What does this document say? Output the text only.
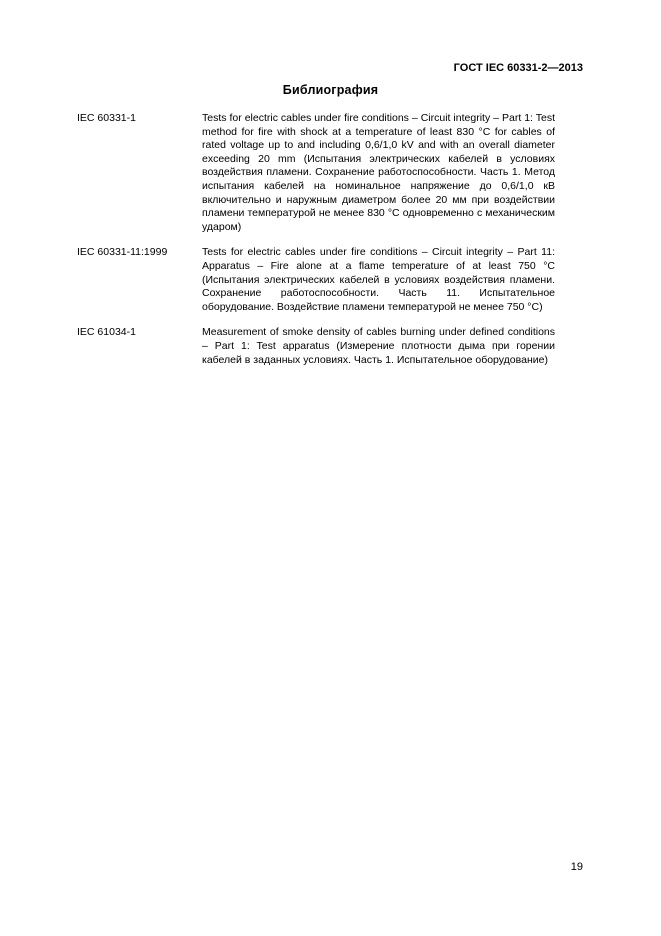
ГОСТ IEC 60331-2—2013
Библиография
IEC 60331-1	Tests for electric cables under fire conditions – Circuit integrity – Part 1: Test method for fire with shock at a temperature of least 830 °C for cables of rated voltage up to and including 0,6/1,0 kV and with an overall diameter exceeding 20 mm (Испытания электрических кабелей в условиях воздействия пламени. Сохранение работоспособности. Часть 1. Метод испытания кабелей на номинальное напряжение до 0,6/1,0 кВ включительно и наружным диаметром более 20 мм при воздействии пламени температурой не менее 830 °С одновременно с механическим ударом)
IEC 60331-11:1999	Tests for electric cables under fire conditions – Circuit integrity – Part 11: Apparatus – Fire alone at a flame temperature of at least 750 °C (Испытания электрических кабелей в условиях воздействия пламени. Сохранение работоспособности. Часть 11. Испытательное оборудование. Воздействие пламени температурой не менее 750 °С)
IEC 61034-1	Measurement of smoke density of cables burning under defined conditions – Part 1: Test apparatus (Измерение плотности дыма при горении кабелей в заданных условиях. Часть 1. Испытательное оборудование)
19
